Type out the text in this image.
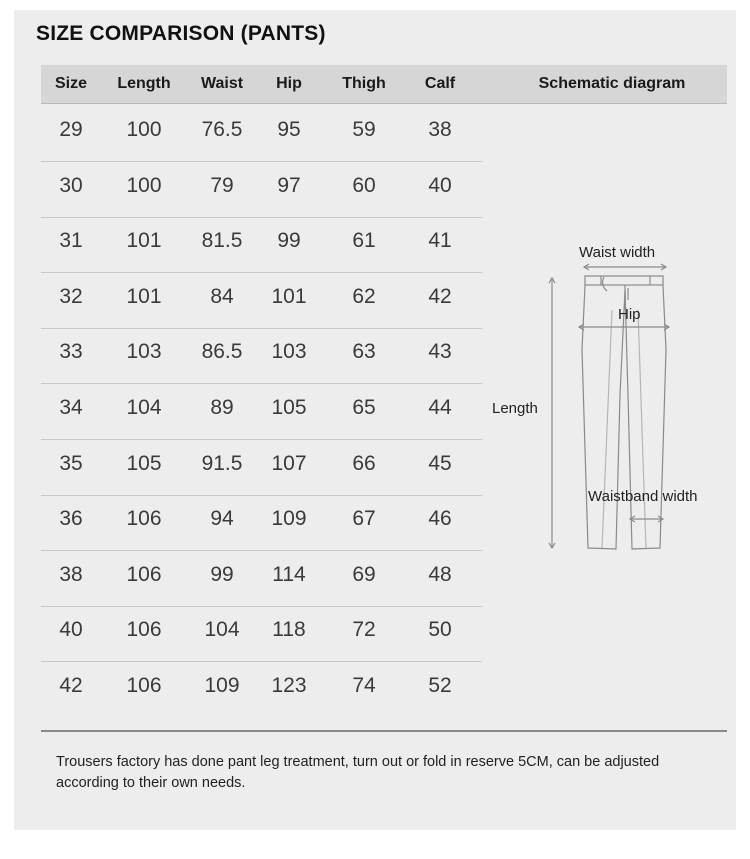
SIZE COMPARISON (PANTS)
Size Length Waist Hip	Thigh Calf	Schematic diagram
29 100 76.5 95 59	38
30 100 79 97 60	40
31 101 81.5 99 61	41
32 101 84 101 62	42
33 103 86.5 103 63	43
34 104 89 105 65	44
35 105 91.5 107 66	45
36 106 94 109 67	46
38 106 99 114 69	48
40 106 104 118 72	50
42 106 109 123 74	52
Waist width
Hip
Length
Waistband width
Trousers factory has done pant leg treatment, turn out or fold in reserve 5CM, can be adjusted according to their own needs.
